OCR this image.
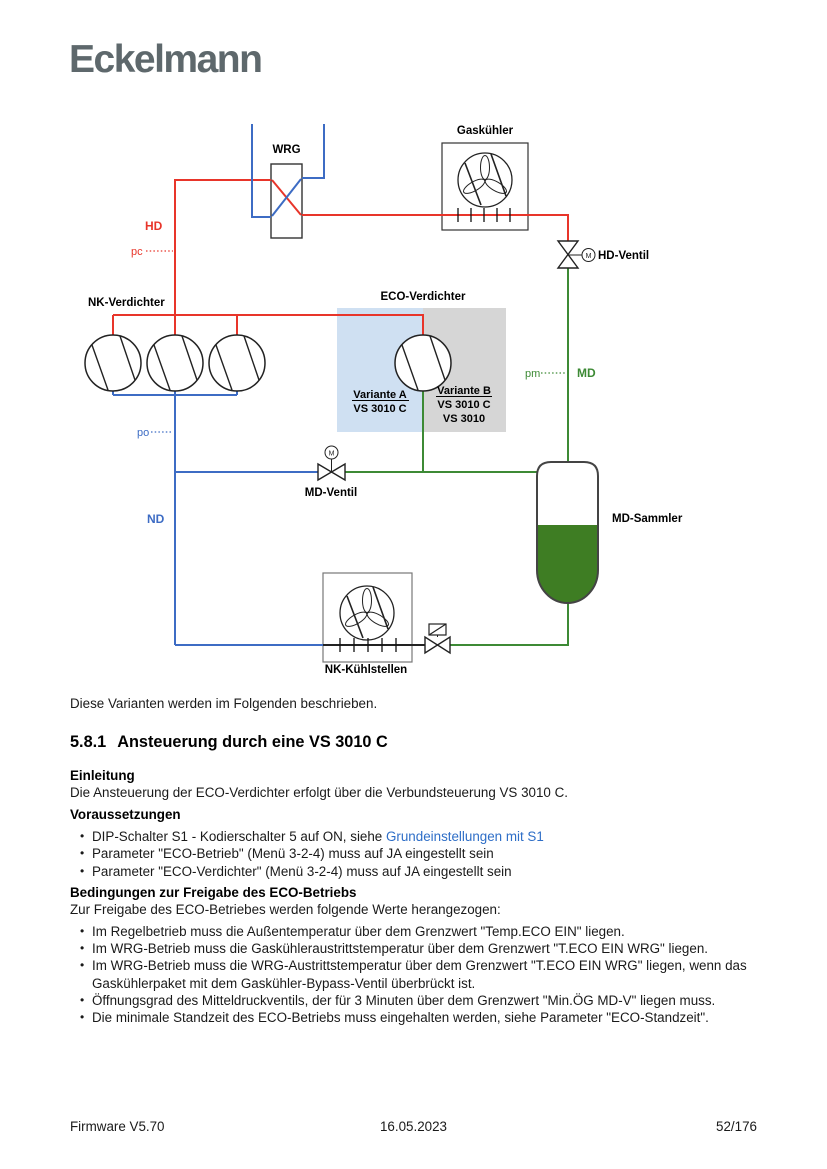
Eckelmann
M
M
WRG
Gaskühler
HD-Ventil
HD
pc
NK-Verdichter	ECO-Verdichter
Variante A
VS 3010 C
Variante B
VS 3010 C
VS 3010
pm	MD
po
ND
MD-Ventil
MD-Sammler
NK-Kühlstellen

Diese Varianten werden im Folgenden beschrieben.

5.8.1 Ansteuerung durch eine VS 3010 C
Einleitung

Die Ansteuerung der ECO-Verdichter erfolgt über die Verbundsteuerung VS 3010 C.

Voraussetzungen
• DIP-Schalter S1 - Kodierschalter 5 auf ON, siehe Grundeinstellungen mit S1
• Parameter "ECO-Betrieb" (Menü 3-2-4) muss auf JA eingestellt sein
• Parameter "ECO-Verdichter" (Menü 3-2-4) muss auf JA eingestellt sein
Bedingungen zur Freigabe des ECO-Betriebs

Zur Freigabe des ECO-Betriebes werden folgende Werte herangezogen:

• Im Regelbetrieb muss die Außentemperatur über dem Grenzwert "Temp.ECO EIN" liegen.
• Im WRG-Betrieb muss die Gaskühleraustrittstemperatur über dem Grenzwert "T.ECO EIN WRG" liegen.
• Im WRG-Betrieb muss die WRG-Austrittstemperatur über dem Grenzwert "T.ECO EIN WRG" liegen, wenn das Gaskühlerpaket mit dem Gaskühler-Bypass-Ventil überbrückt ist.
• Öffnungsgrad des Mitteldruckventils, der für 3 Minuten über dem Grenzwert "Min.ÖG MD-V" liegen muss.
• Die minimale Standzeit des ECO-Betriebs muss eingehalten werden, siehe Parameter "ECO-Standzeit".
16.05.2023
Firmware V5.70	52/176
